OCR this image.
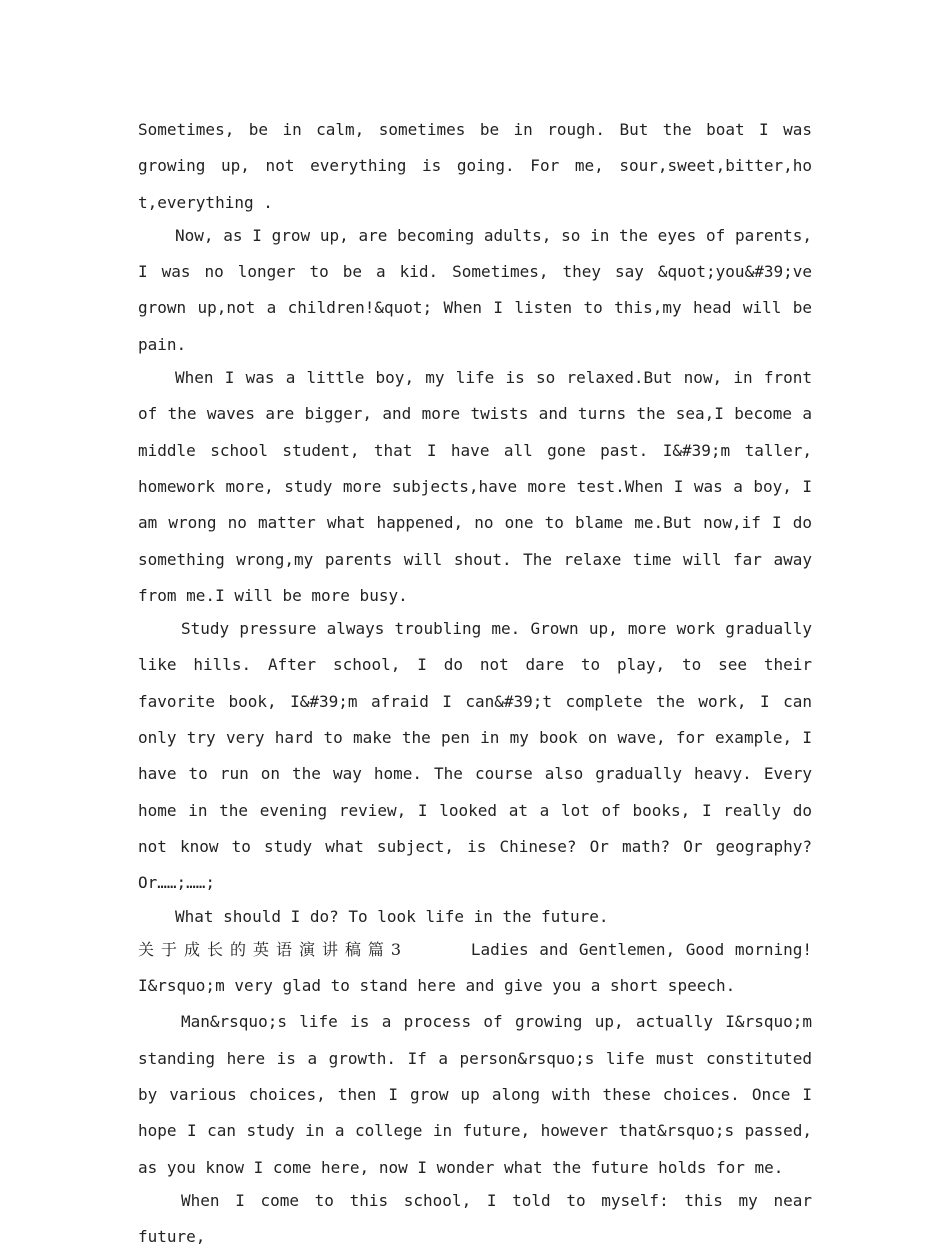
Sometimes, be in calm, sometimes be in rough. But the boat I was growing up, not everything is going. For me, sour,sweet,bitter,ho t,everything .

Now, as I grow up, are becoming adults, so in the eyes of parents, I was no longer to be a kid. Sometimes, they say &quot;you&#39;ve grown up,not a children!&quot; When I listen to this,my head will be pain.

When I was a little boy, my life is so relaxed.But now, in front of the waves are bigger, and more twists and turns the sea,I become a middle school student, that I have all gone past. I&#39;m taller, homework more, study more subjects,have more test.When I was a boy, I am wrong no matter what happened, no one to blame me.But now,if I do something wrong,my parents will shout. The relaxe time will far away from me.I will be more busy.

Study pressure always troubling me. Grown up, more work gradually like hills. After school, I do not dare to play, to see their favorite book, I&#39;m afraid I can&#39;t complete the work, I can only try very hard to make the pen in my book on wave, for example, I have to run on the way home. The course also gradually heavy. Every home in the evening review, I looked at a lot of books, I really do not know to study what subject, is Chinese? Or math? Or geography? Or……;……;

What should I do? To look life in the future.

关于成长的英语演讲稿篇3	Ladies and Gentlemen, Good morning! I&rsquo;m very glad to stand here and give you a short speech.

Man&rsquo;s life is a process of growing up, actually I&rsquo;m standing here is a growth. If a person&rsquo;s life must constituted by various choices, then I grow up along with these choices. Once I hope I can study in a college in future, however that&rsquo;s passed, as you know I come here, now I wonder what the future holds for me.

When I come to this school, I told to myself: this my near future,
